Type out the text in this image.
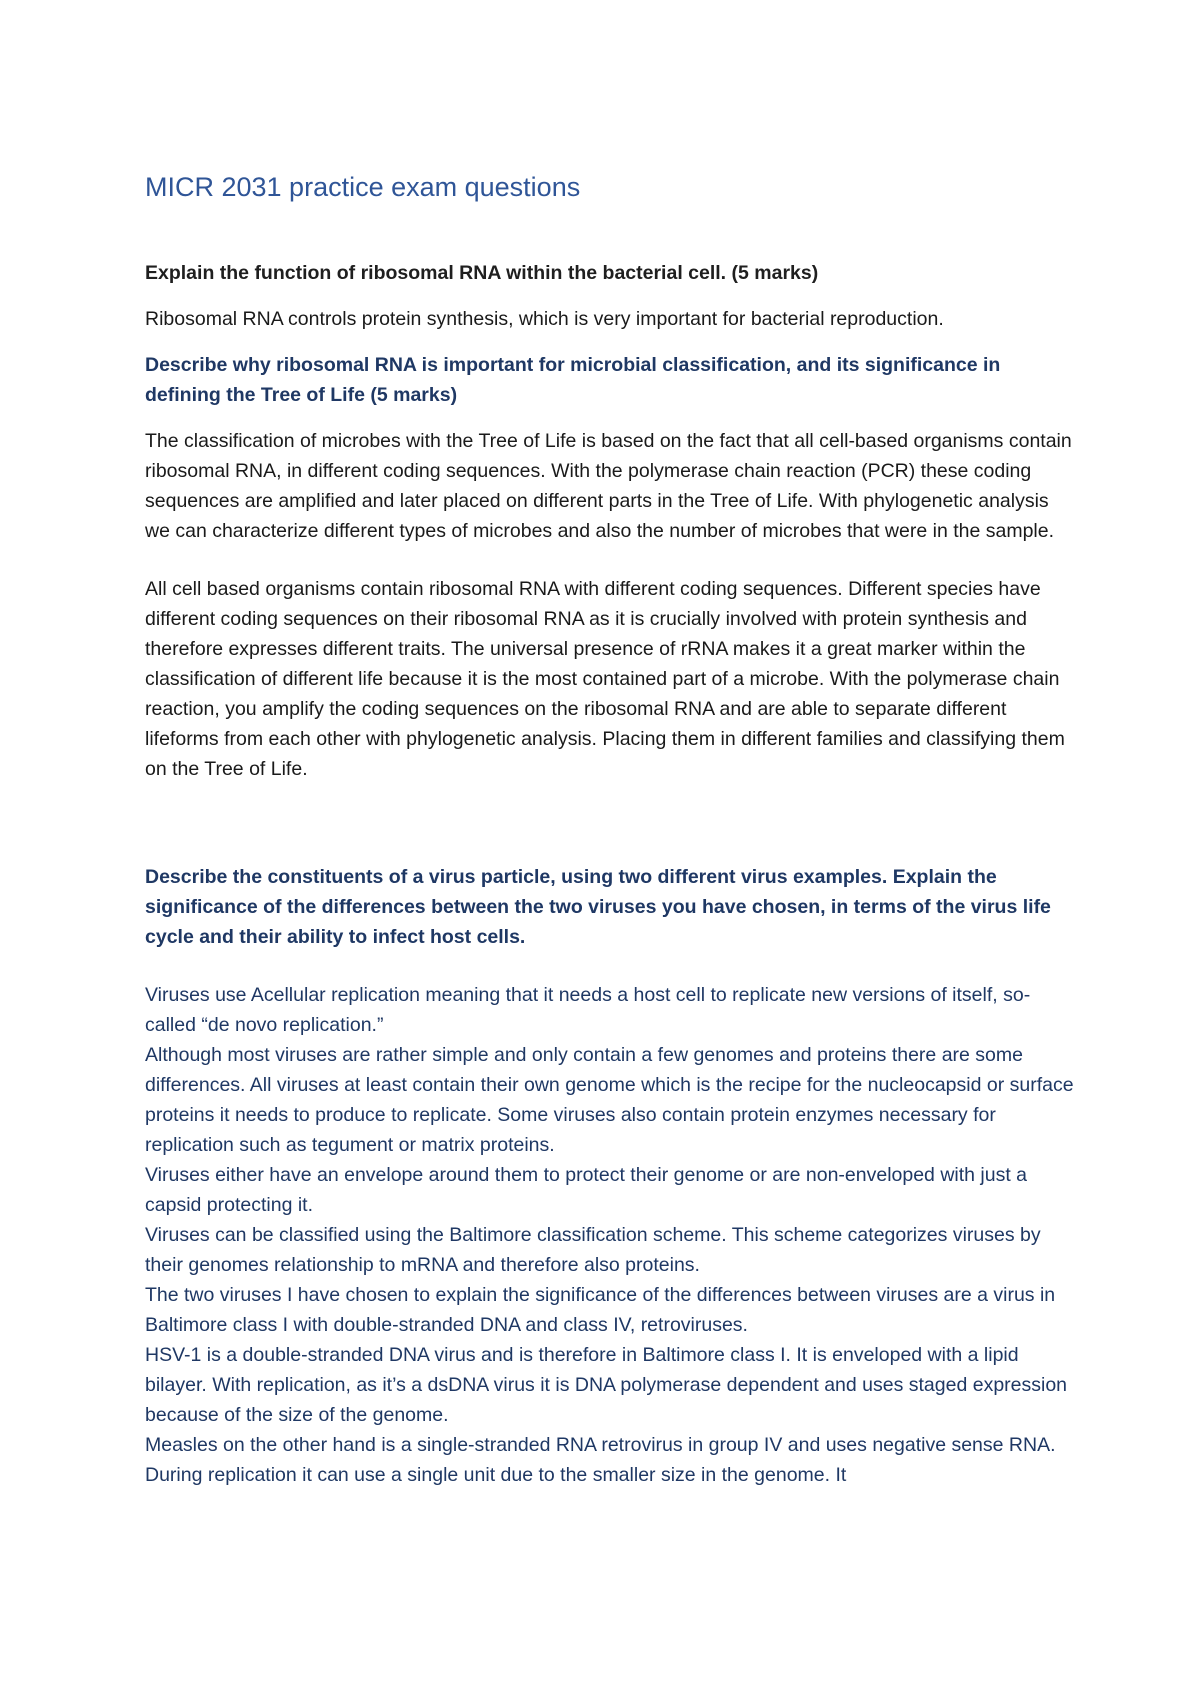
MICR 2031 practice exam questions
Explain the function of ribosomal RNA within the bacterial cell. (5 marks)
Ribosomal RNA controls protein synthesis, which is very important for bacterial reproduction.
Describe why ribosomal RNA is important for microbial classification, and its significance in defining the Tree of Life (5 marks)
The classification of microbes with the Tree of Life is based on the fact that all cell-based organisms contain ribosomal RNA, in different coding sequences. With the polymerase chain reaction (PCR) these coding sequences are amplified and later placed on different parts in the Tree of Life. With phylogenetic analysis we can characterize different types of microbes and also the number of microbes that were in the sample.
All cell based organisms contain ribosomal RNA with different coding sequences. Different species have different coding sequences on their ribosomal RNA as it is crucially involved with protein synthesis and therefore expresses different traits. The universal presence of rRNA makes it a great marker within the classification of different life because it is the most contained part of a microbe. With the polymerase chain reaction, you amplify the coding sequences on the ribosomal RNA and are able to separate different lifeforms from each other with phylogenetic analysis. Placing them in different families and classifying them on the Tree of Life.
Describe the constituents of a virus particle, using two different virus examples. Explain the significance of the differences between the two viruses you have chosen, in terms of the virus life cycle and their ability to infect host cells.
Viruses use Acellular replication meaning that it needs a host cell to replicate new versions of itself, so-called “de novo replication.”
Although most viruses are rather simple and only contain a few genomes and proteins there are some differences. All viruses at least contain their own genome which is the recipe for the nucleocapsid or surface proteins it needs to produce to replicate. Some viruses also contain protein enzymes necessary for replication such as tegument or matrix proteins.
Viruses either have an envelope around them to protect their genome or are non-enveloped with just a capsid protecting it.
Viruses can be classified using the Baltimore classification scheme. This scheme categorizes viruses by their genomes relationship to mRNA and therefore also proteins.
The two viruses I have chosen to explain the significance of the differences between viruses are a virus in Baltimore class I with double-stranded DNA and class IV, retroviruses.
HSV-1 is a double-stranded DNA virus and is therefore in Baltimore class I. It is enveloped with a lipid bilayer. With replication, as it’s a dsDNA virus it is DNA polymerase dependent and uses staged expression because of the size of the genome.
Measles on the other hand is a single-stranded RNA retrovirus in group IV and uses negative sense RNA. During replication it can use a single unit due to the smaller size in the genome. It
